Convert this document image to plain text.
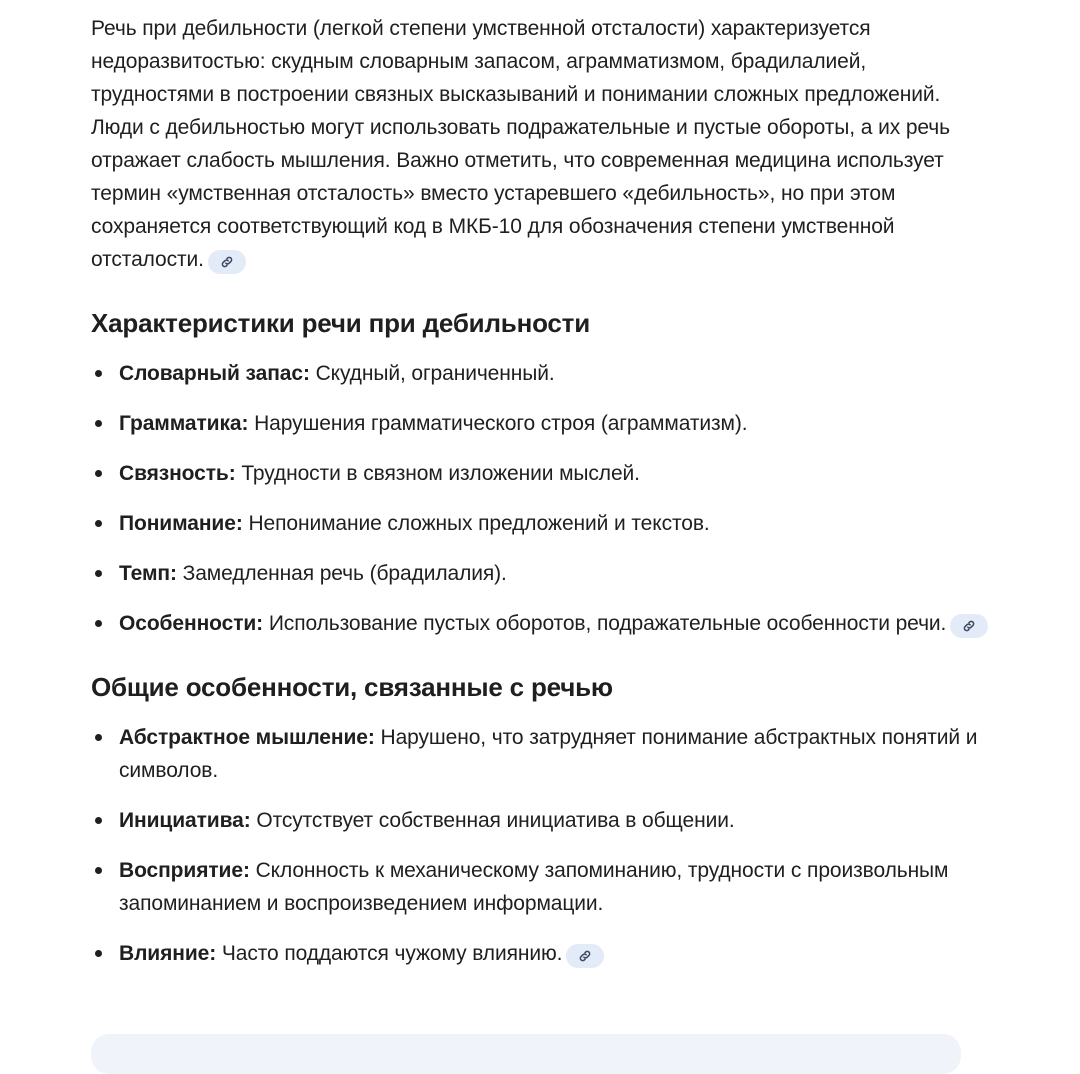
Речь при дебильности (легкой степени умственной отсталости) характеризуется недоразвитостью: скудным словарным запасом, аграмматизмом, брадилалией, трудностями в построении связных высказываний и понимании сложных предложений. Люди с дебильностью могут использовать подражательные и пустые обороты, а их речь отражает слабость мышления. Важно отметить, что современная медицина использует термин «умственная отсталость» вместо устаревшего «дебильность», но при этом сохраняется соответствующий код в МКБ-10 для обозначения степени умственной отсталости.

Характеристики речи при дебильности
Словарный запас: Скудный, ограниченный.
Грамматика: Нарушения грамматического строя (аграмматизм).
Связность: Трудности в связном изложении мыслей.
Понимание: Непонимание сложных предложений и текстов.
Темп: Замедленная речь (брадилалия).
Особенности: Использование пустых оборотов, подражательные особенности речи.
Общие особенности, связанные с речью
Абстрактное мышление: Нарушено, что затрудняет понимание абстрактных понятий и символов.
Инициатива: Отсутствует собственная инициатива в общении.
Восприятие: Склонность к механическому запоминанию, трудности с произвольным запоминанием и воспроизведением информации.
Влияние: Часто поддаются чужому влиянию.
